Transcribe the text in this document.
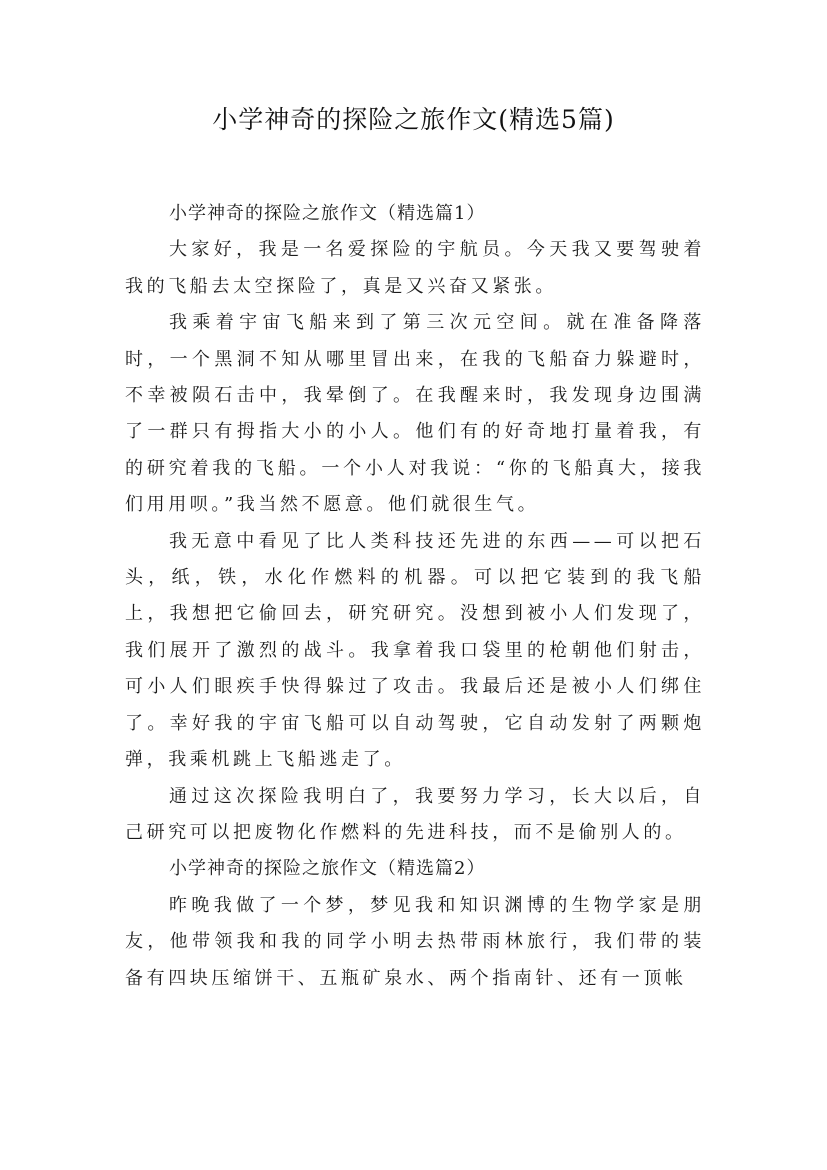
小学神奇的探险之旅作文(精选5篇)

小学神奇的探险之旅作文（精选篇1）

大家好，我是一名爱探险的宇航员。今天我又要驾驶着我的飞船去太空探险了，真是又兴奋又紧张。

我乘着宇宙飞船来到了第三次元空间。就在准备降落时，一个黑洞不知从哪里冒出来，在我的飞船奋力躲避时，不幸被陨石击中，我晕倒了。在我醒来时，我发现身边围满了一群只有拇指大小的小人。他们有的好奇地打量着我，有的研究着我的飞船。一个小人对我说：“你的飞船真大，接我们用用呗。”我当然不愿意。他们就很生气。

我无意中看见了比人类科技还先进的东西——可以把石头，纸，铁，水化作燃料的机器。可以把它装到的我飞船上，我想把它偷回去，研究研究。没想到被小人们发现了，我们展开了激烈的战斗。我拿着我口袋里的枪朝他们射击，可小人们眼疾手快得躲过了攻击。我最后还是被小人们绑住了。幸好我的宇宙飞船可以自动驾驶，它自动发射了两颗炮弹，我乘机跳上飞船逃走了。

通过这次探险我明白了，我要努力学习，长大以后，自己研究可以把废物化作燃料的先进科技，而不是偷别人的。

小学神奇的探险之旅作文（精选篇2）

昨晚我做了一个梦，梦见我和知识渊博的生物学家是朋友，他带领我和我的同学小明去热带雨林旅行，我们带的装备有四块压缩饼干、五瓶矿泉水、两个指南针、还有一顶帐
